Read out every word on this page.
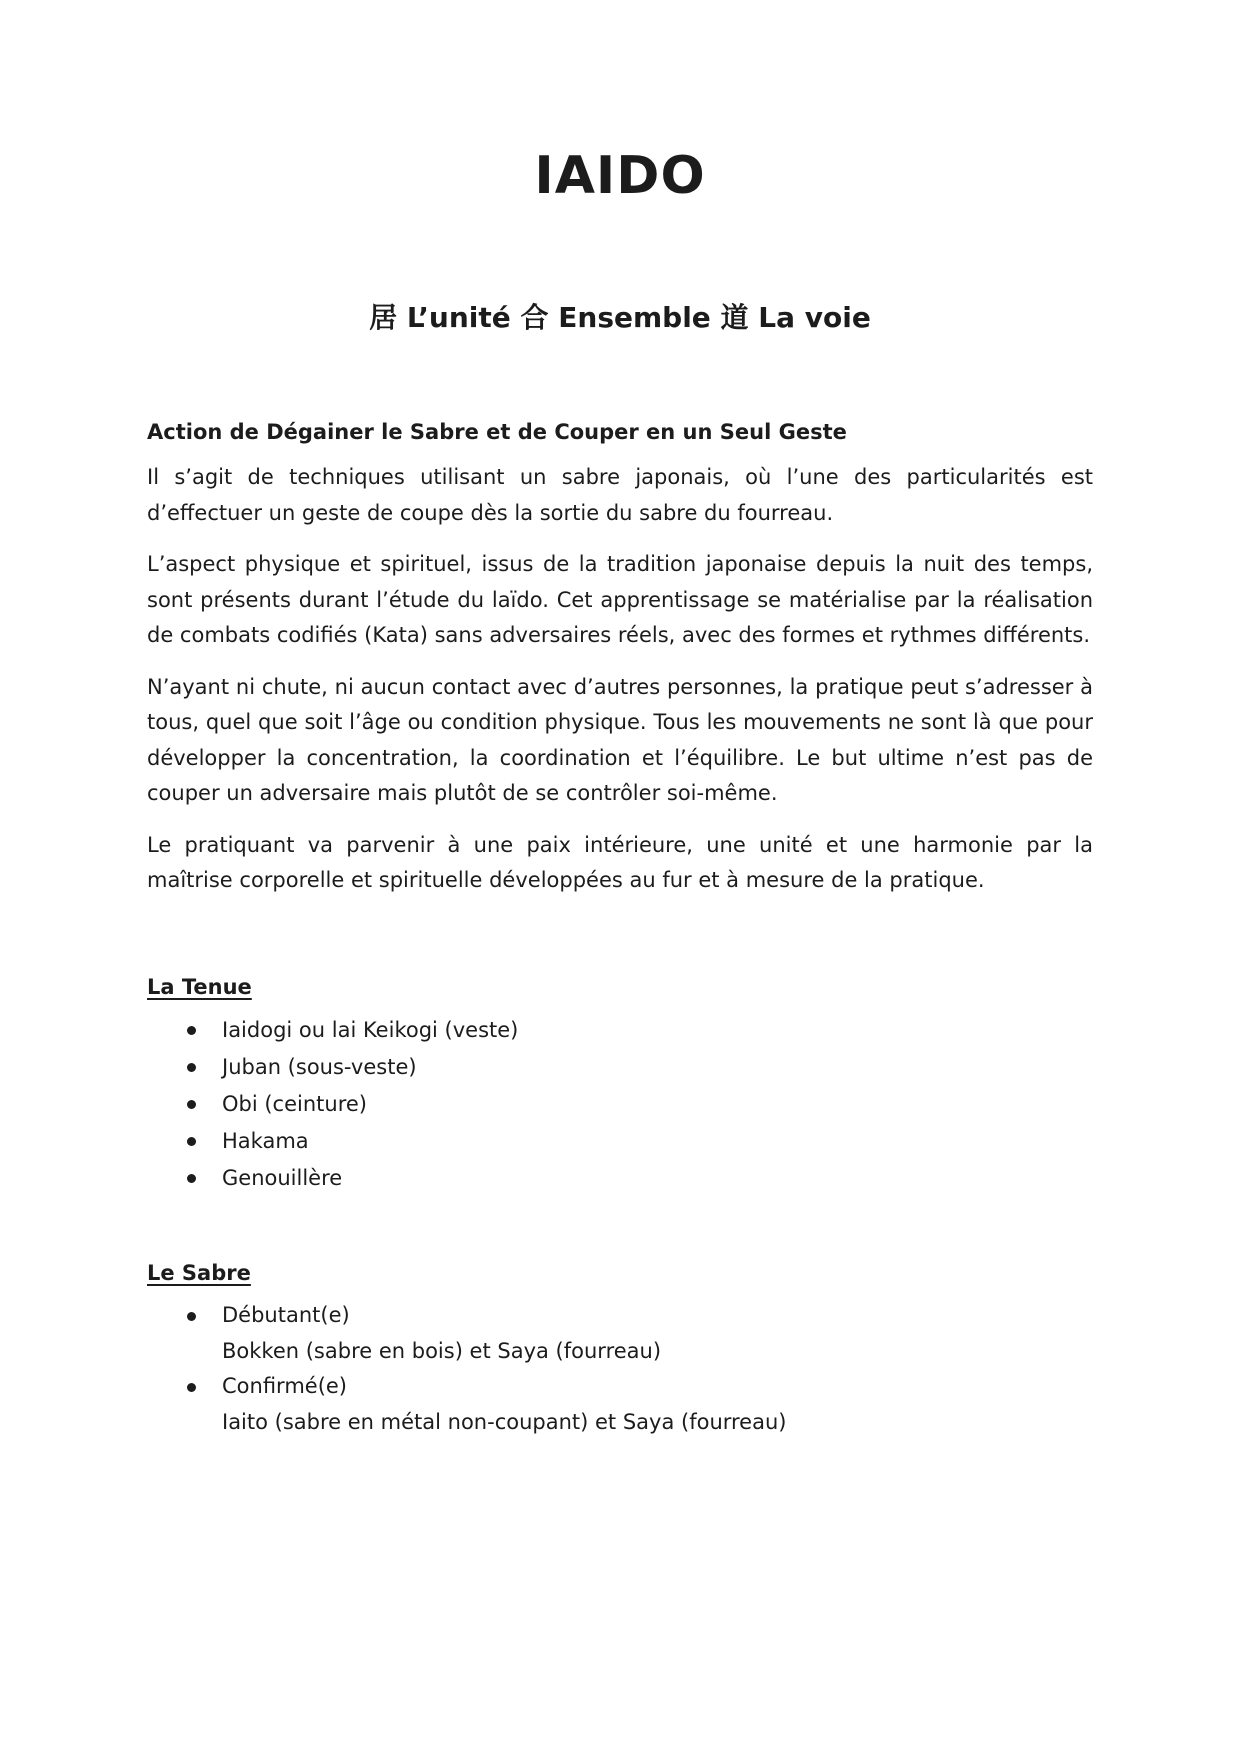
IAIDO
居 L’unité 合 Ensemble 道 La voie
Action de Dégainer le Sabre et de Couper en un Seul Geste

Il s’agit de techniques utilisant un sabre japonais, où l’une des particularités est d’effectuer un geste de coupe dès la sortie du sabre du fourreau.

L’aspect physique et spirituel, issus de la tradition japonaise depuis la nuit des temps, sont présents durant l’étude du laïdo. Cet apprentissage se matérialise par la réalisation de combats codifiés (Kata) sans adversaires réels, avec des formes et rythmes différents.

N’ayant ni chute, ni aucun contact avec d’autres personnes, la pratique peut s’adresser à tous, quel que soit l’âge ou condition physique. Tous les mouvements ne sont là que pour développer la concentration, la coordination et l’équilibre. Le but ultime n’est pas de couper un adversaire mais plutôt de se contrôler soi-même.

Le pratiquant va parvenir à une paix intérieure, une unité et une harmonie par la maîtrise corporelle et spirituelle développées au fur et à mesure de la pratique.

La Tenue
Iaidogi ou lai Keikogi (veste)
Juban (sous-veste)
Obi (ceinture)
Hakama
Genouillère
Le Sabre
Débutant(e)
Bokken (sabre en bois) et Saya (fourreau)
Confirmé(e)
Iaito (sabre en métal non-coupant) et Saya (fourreau)
